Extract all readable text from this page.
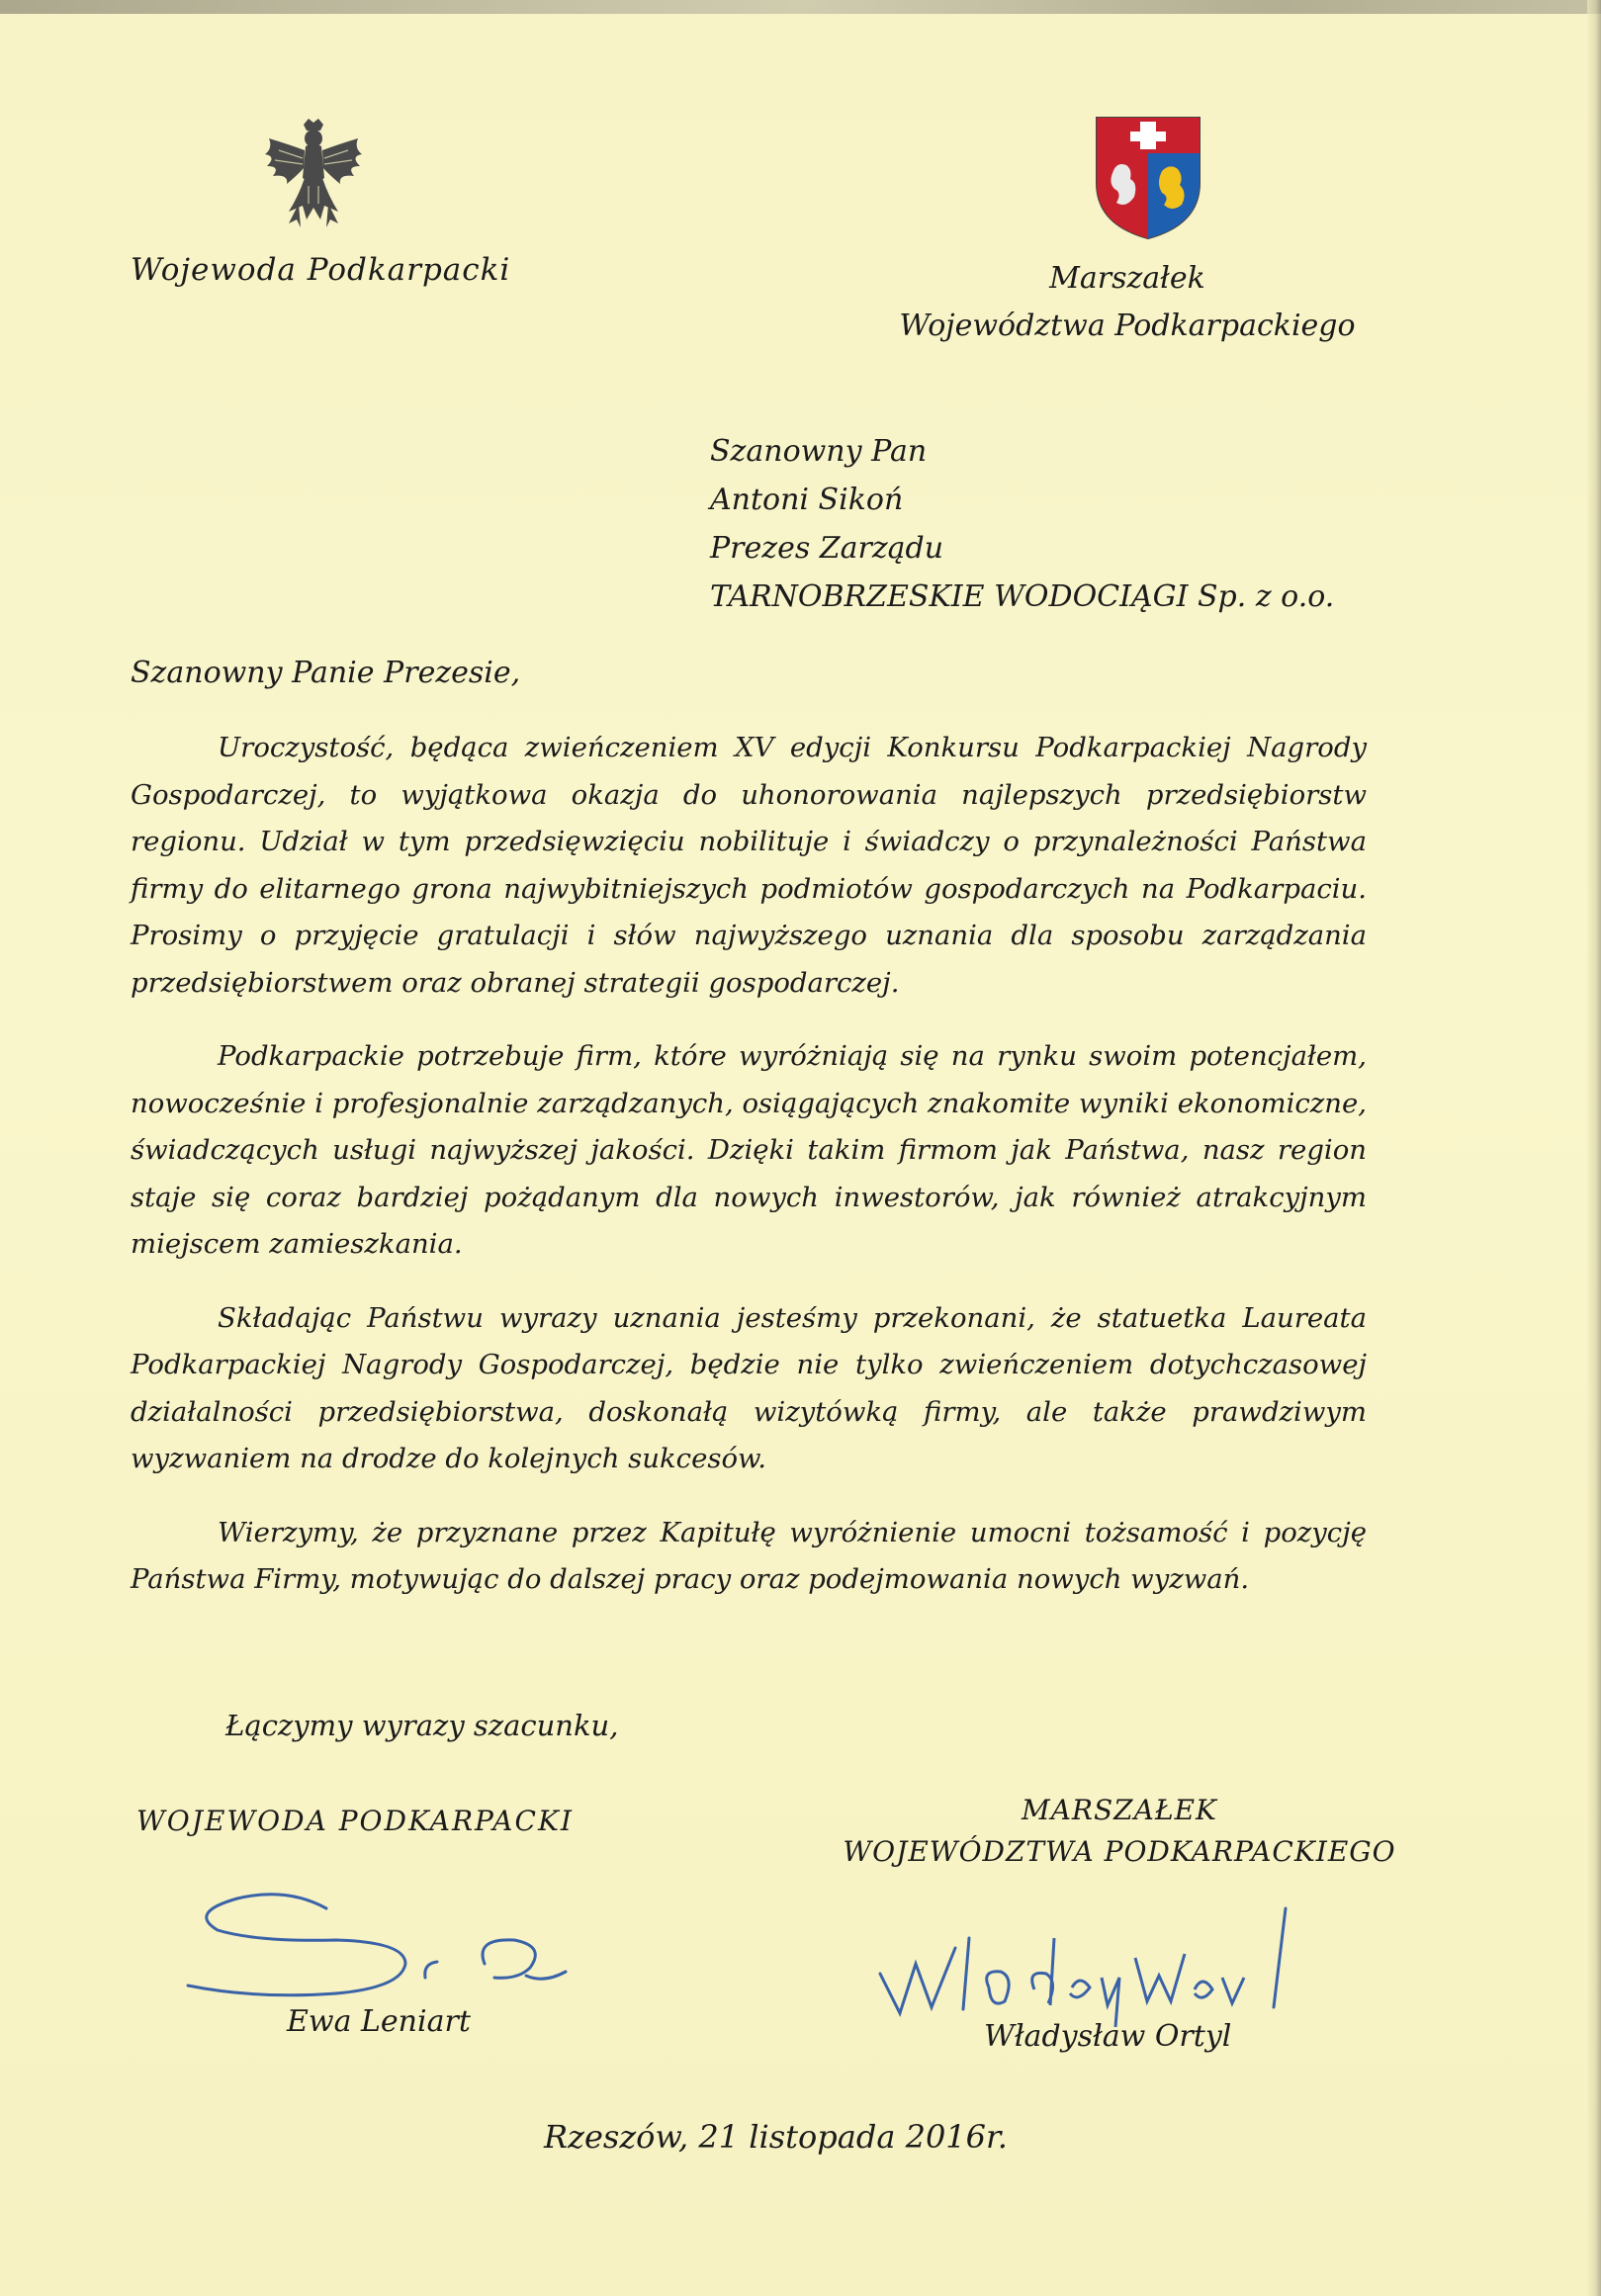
Wojewoda Podkarpacki	Marszałek
Województwa Podkarpackiego
Szanowny Pan
Antoni Sikoń
Prezes Zarządu
TARNOBRZESKIE WODOCIĄGI Sp. z o.o.
Szanowny Panie Prezesie,

Uroczystość, będąca zwieńczeniem XV edycji Konkursu Podkarpackiej Nagrody Gospodarczej, to wyjątkowa okazja do uhonorowania najlepszych przedsiębiorstw regionu. Udział w tym przedsięwzięciu nobilituje i świadczy o przynależności Państwa firmy do elitarnego grona najwybitniejszych podmiotów gospodarczych na Podkarpaciu. Prosimy o przyjęcie gratulacji i słów najwyższego uznania dla sposobu zarządzania przedsiębiorstwem oraz obranej strategii gospodarczej.

Podkarpackie potrzebuje firm, które wyróżniają się na rynku swoim potencjałem, nowocześnie i profesjonalnie zarządzanych, osiągających znakomite wyniki ekonomiczne, świadczących usługi najwyższej jakości. Dzięki takim firmom jak Państwa, nasz region staje się coraz bardziej pożądanym dla nowych inwestorów, jak również atrakcyjnym miejscem zamieszkania.

Składając Państwu wyrazy uznania jesteśmy przekonani, że statuetka Laureata Podkarpackiej Nagrody Gospodarczej, będzie nie tylko zwieńczeniem dotychczasowej działalności przedsiębiorstwa, doskonałą wizytówką firmy, ale także prawdziwym wyzwaniem na drodze do kolejnych sukcesów.

Wierzymy, że przyznane przez Kapitułę wyróżnienie umocni tożsamość i pozycję Państwa Firmy, motywując do dalszej pracy oraz podejmowania nowych wyzwań.

Łączymy wyrazy szacunku,
WOJEWODA PODKARPACKI	MARSZAŁEK
WOJEWÓDZTWA PODKARPACKIEGO
Ewa Leniart	Władysław Ortyl
Rzeszów, 21 listopada 2016r.
